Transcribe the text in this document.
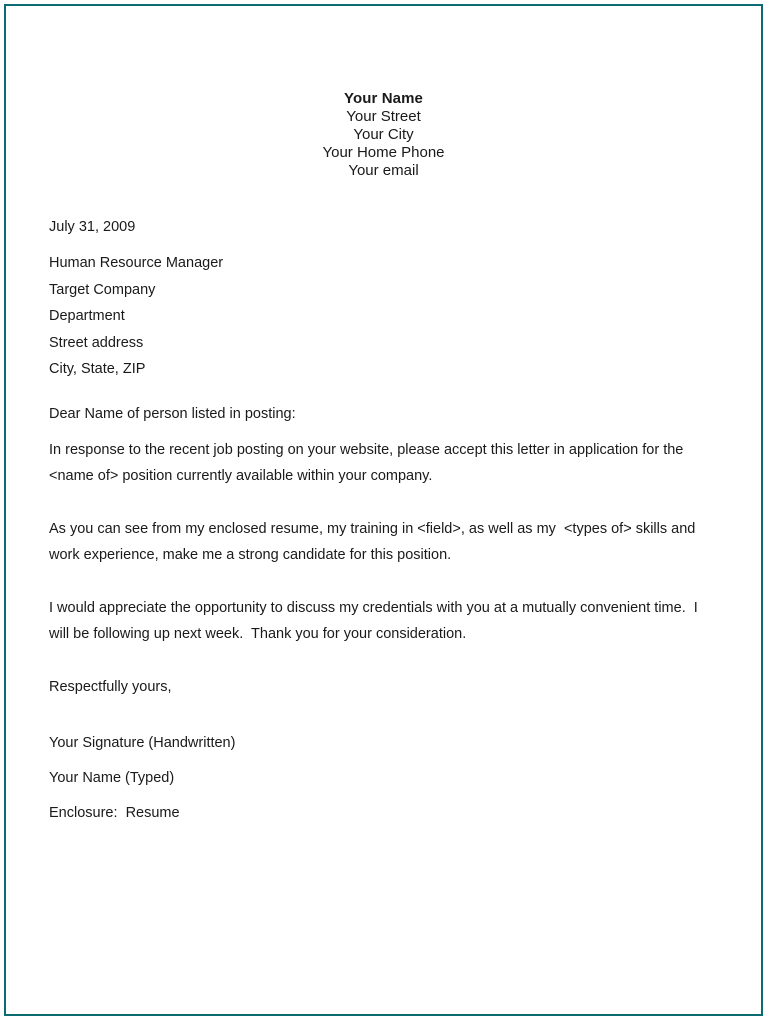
Your Name
Your Street
Your City
Your Home Phone
Your email

July 31, 2009

Human Resource Manager

Target Company

Department

Street address

City, State, ZIP

Dear Name of person listed in posting:

In response to the recent job posting on your website, please accept this letter in application for the <name of> position currently available within your company.

As you can see from my enclosed resume, my training in <field>, as well as my  <types of> skills and work experience, make me a strong candidate for this position.

I would appreciate the opportunity to discuss my credentials with you at a mutually convenient time.  I will be following up next week.  Thank you for your consideration.

Respectfully yours,

Your Signature (Handwritten)

Your Name (Typed)

Enclosure:  Resume
